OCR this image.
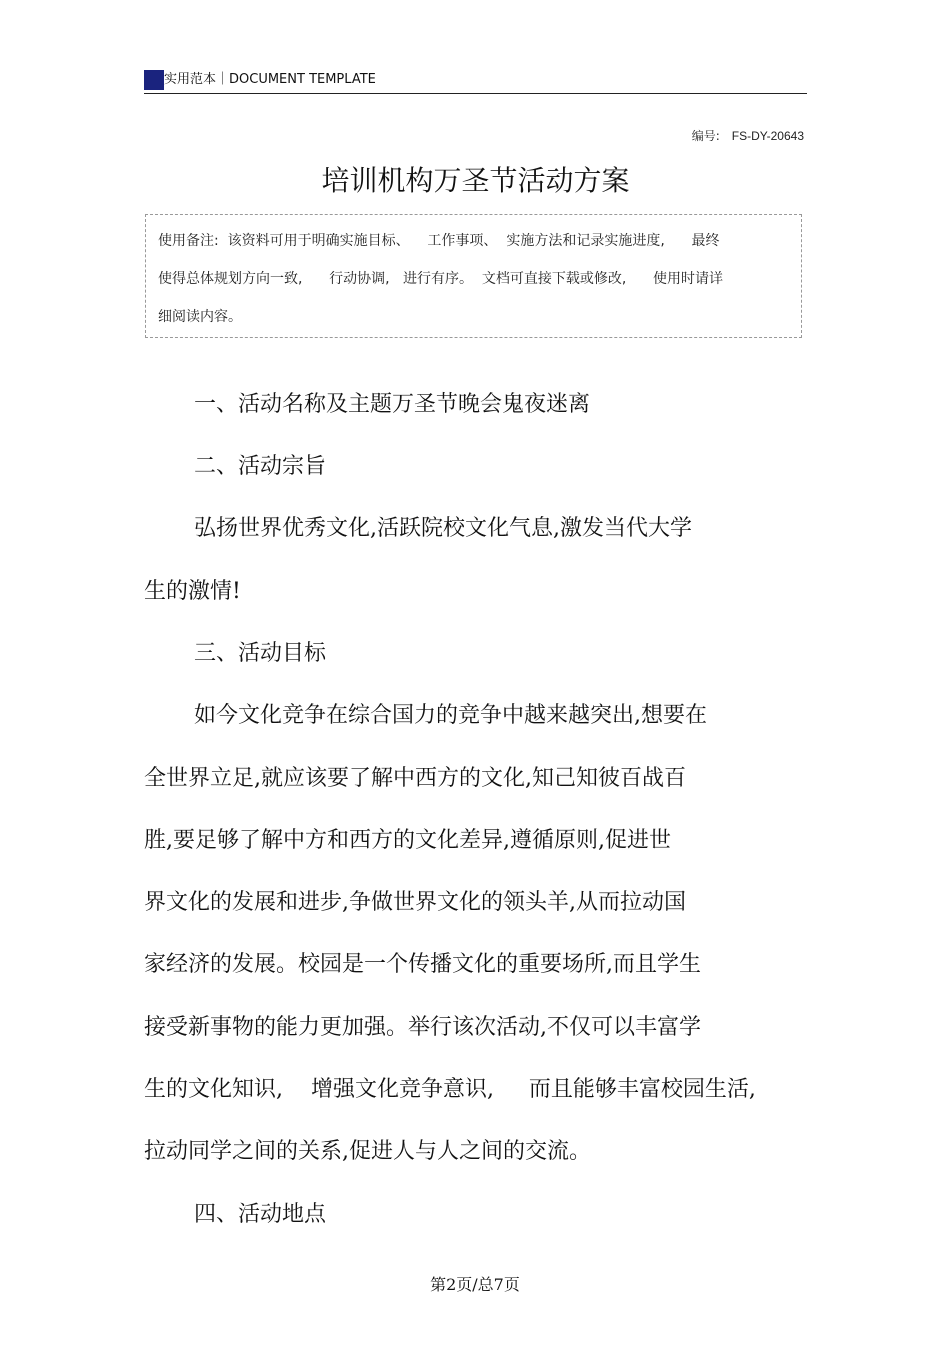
实用范本｜DOCUMENT TEMPLATE
编号: FS-DY-20643
培训机构万圣节活动方案
使用备注:  该资料可用于明确实施目标、    工作事项、  实施方法和记录实施进度,      最终
使得总体规划方向一致,      行动协调,   进行有序。  文档可直接下载或修改,      使用时请详
细阅读内容。
一、活动名称及主题万圣节晚会鬼夜迷离
二、活动宗旨
弘扬世界优秀文化,活跃院校文化气息,激发当代大学
生的激情!
三、活动目标
如今文化竞争在综合国力的竞争中越来越突出,想要在
全世界立足,就应该要了解中西方的文化,知己知彼百战百
胜,要足够了解中方和西方的文化差异,遵循原则,促进世
界文化的发展和进步,争做世界文化的领头羊,从而拉动国
家经济的发展。校园是一个传播文化的重要场所,而且学生
接受新事物的能力更加强。举行该次活动,不仅可以丰富学
生的文化知识,    增强文化竞争意识,     而且能够丰富校园生活,
拉动同学之间的关系,促进人与人之间的交流。
四、活动地点
第2页/总7页
